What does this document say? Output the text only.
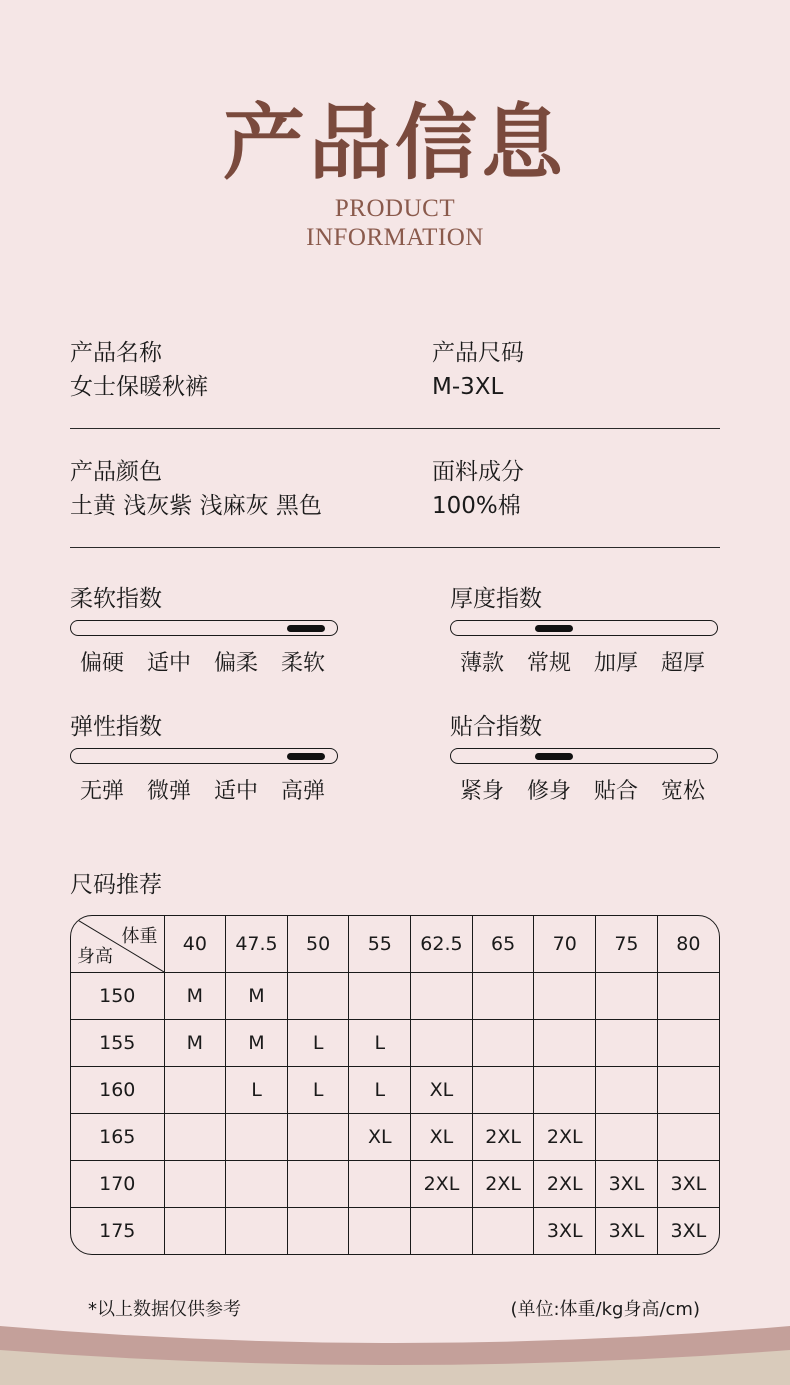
产品信息
PRODUCT
INFORMATION
产品名称
女士保暖秋裤
产品尺码
M-3XL
产品颜色
土黄 浅灰紫 浅麻灰 黑色
面料成分
100%棉
柔软指数
偏硬	适中	偏柔	柔软
厚度指数
薄款	常规	加厚	超厚
弹性指数
无弹	微弹	适中	高弹
贴合指数
紧身	修身	贴合	宽松
尺码推荐
体重
身高	40	47.5	50	55	62.5	65	70	75	80
150	M	M							
155	M	M	L	L					
160		L	L	L	XL				
165				XL	XL	2XL	2XL		
170					2XL	2XL	2XL	3XL	3XL
175							3XL	3XL	3XL
*以上数据仅供参考	(单位:体重/kg身高/cm)
